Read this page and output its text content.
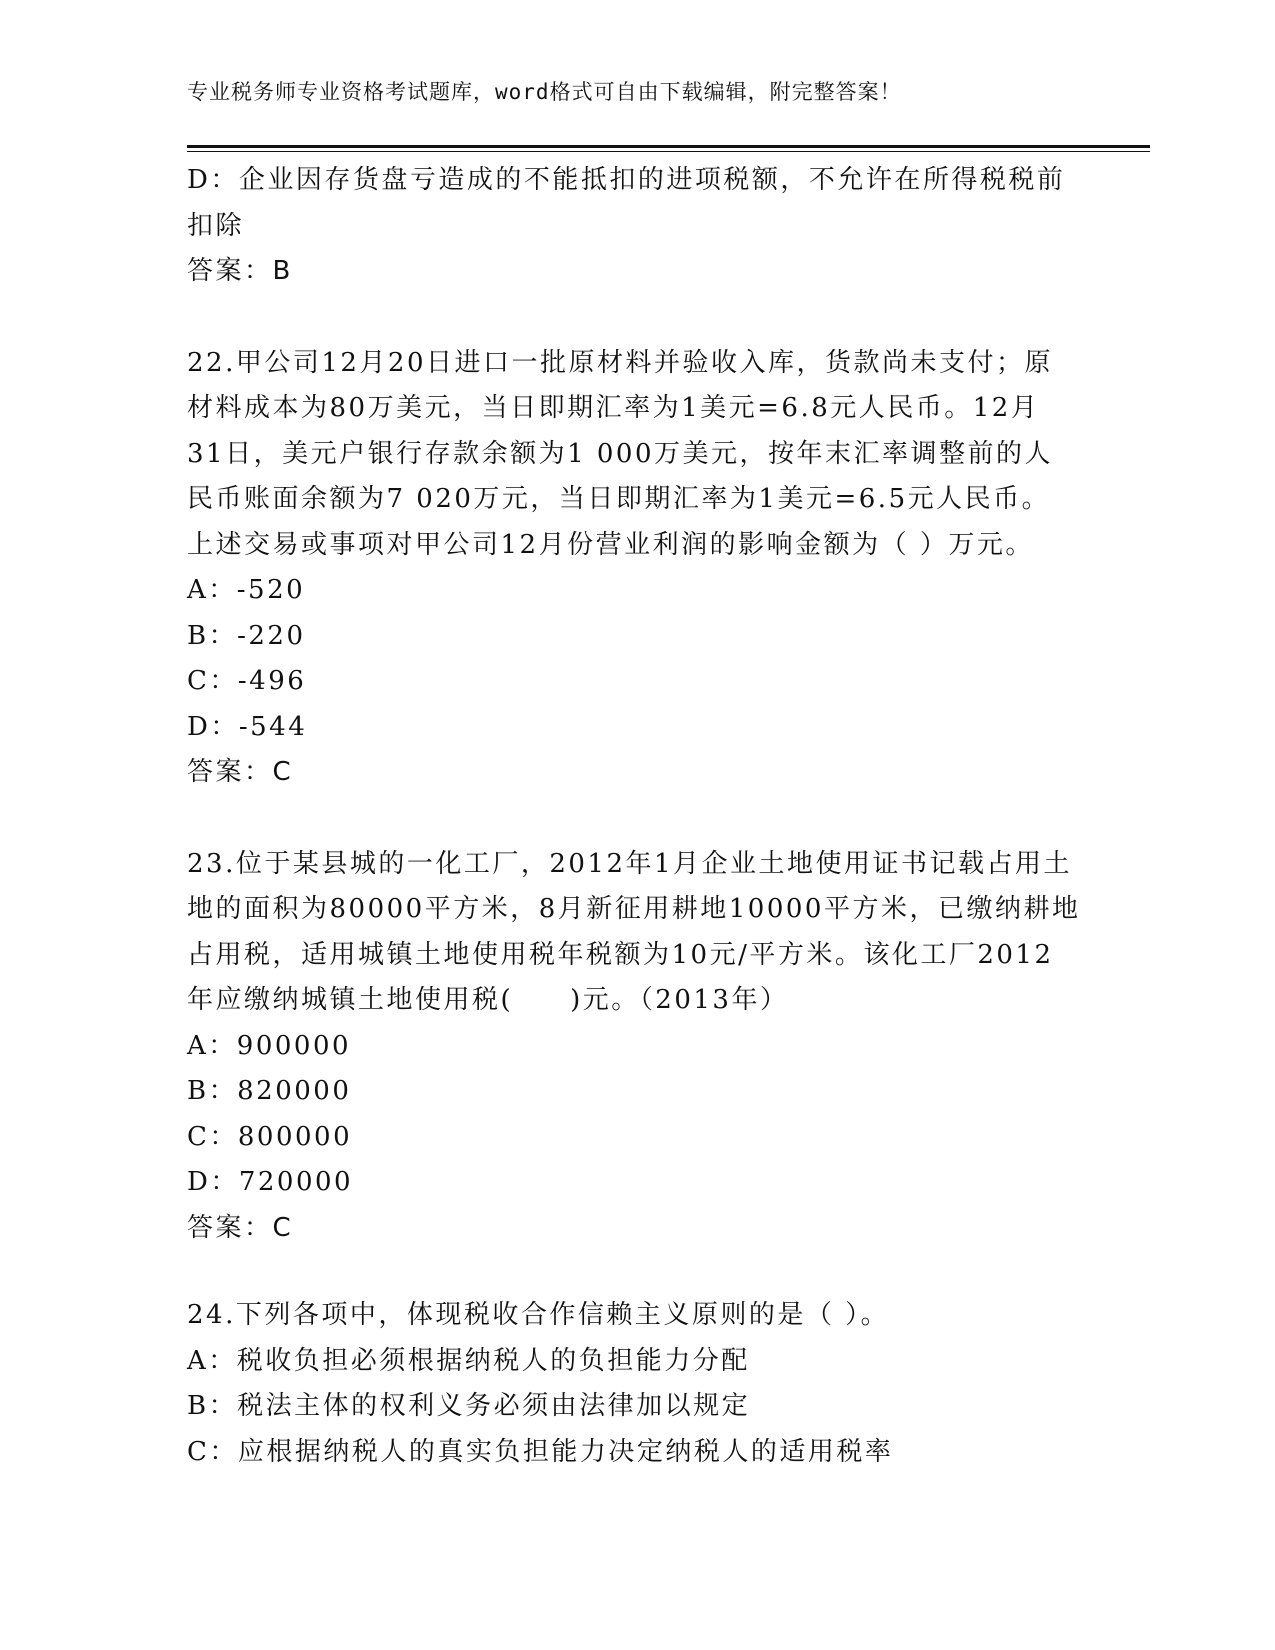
专业税务师专业资格考试题库，word格式可自由下载编辑，附完整答案！

D：企业因存货盘亏造成的不能抵扣的进项税额，不允许在所得税税前

扣除

答案：B

22.甲公司12月20日进口一批原材料并验收入库，货款尚未支付；原

材料成本为80万美元，当日即期汇率为1美元=6.8元人民币。12月

31日，美元户银行存款余额为1 000万美元，按年末汇率调整前的人

民币账面余额为7 020万元，当日即期汇率为1美元=6.5元人民币。

上述交易或事项对甲公司12月份营业利润的影响金额为（ ）万元。

A：-520

B：-220

C：-496

D：-544

答案：C

23.位于某县城的一化工厂，2012年1月企业土地使用证书记载占用土

地的面积为80000平方米，8月新征用耕地10000平方米，已缴纳耕地

占用税，适用城镇土地使用税年税额为10元/平方米。该化工厂2012

年应缴纳城镇土地使用税(　　)元。（2013年）

A：900000

B：820000

C：800000

D：720000

答案：C

24.下列各项中，体现税收合作信赖主义原则的是（ ）。

A：税收负担必须根据纳税人的负担能力分配

B：税法主体的权利义务必须由法律加以规定

C：应根据纳税人的真实负担能力决定纳税人的适用税率
